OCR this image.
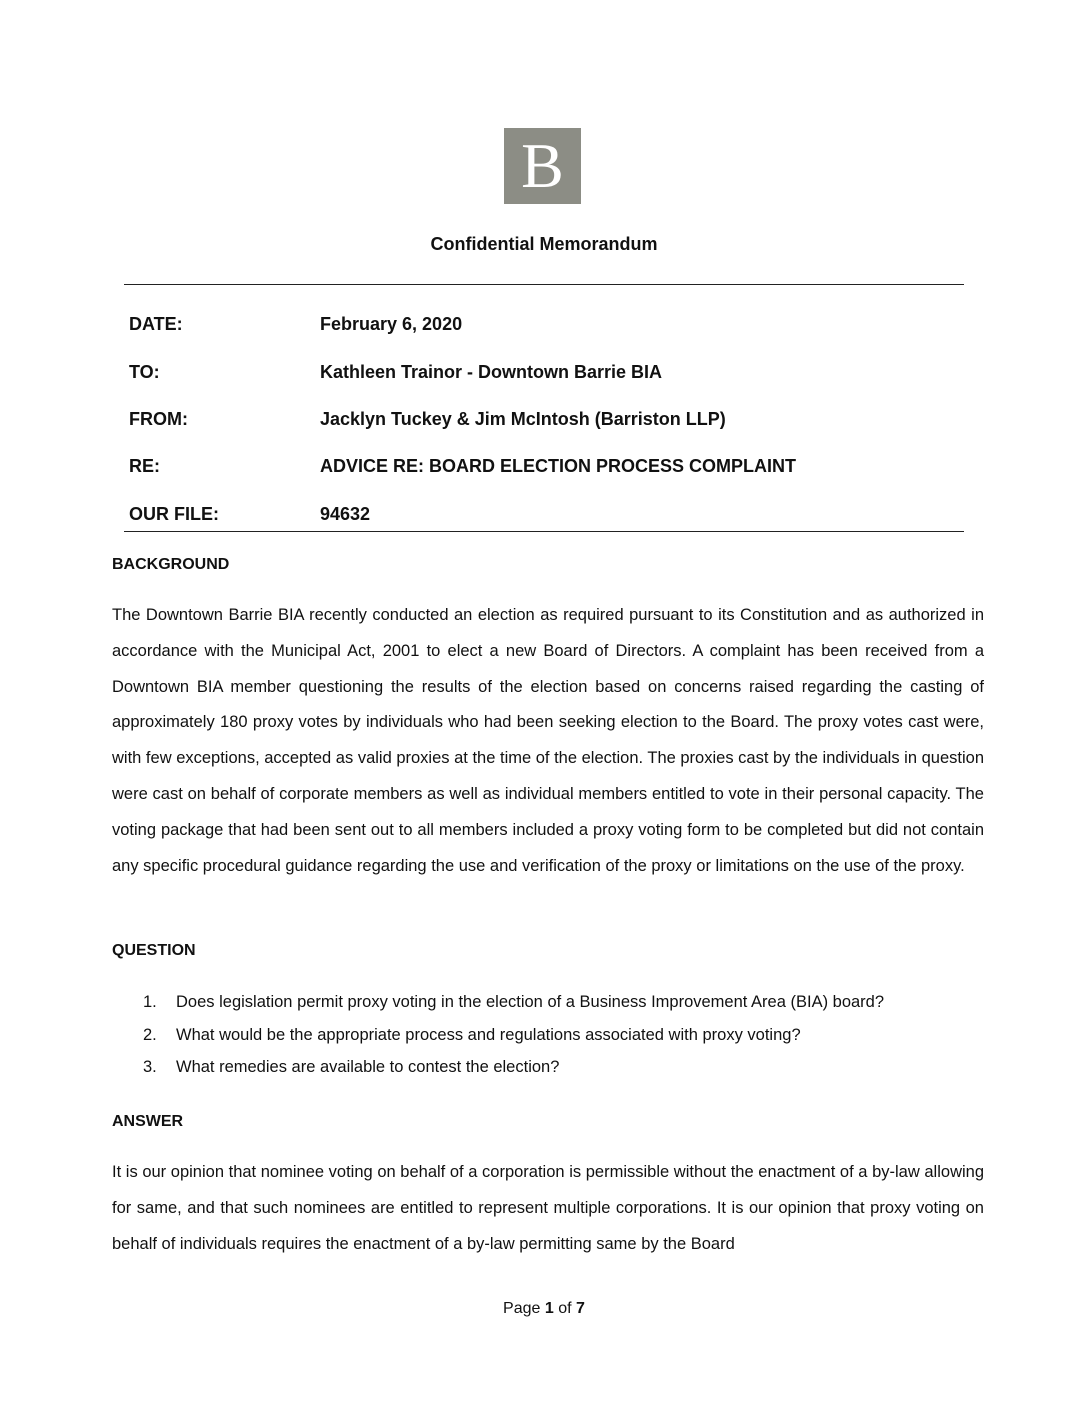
B
Confidential Memorandum
DATE:	February 6, 2020
TO:	Kathleen Trainor - Downtown Barrie BIA
FROM:	Jacklyn Tuckey & Jim McIntosh (Barriston LLP)
RE:	ADVICE RE: BOARD ELECTION PROCESS COMPLAINT
OUR FILE:	94632
BACKGROUND

The Downtown Barrie BIA recently conducted an election as required pursuant to its Constitution and as authorized in accordance with the Municipal Act, 2001 to elect a new Board of Directors. A complaint has been received from a Downtown BIA member questioning the results of the election based on concerns raised regarding the casting of approximately 180 proxy votes by individuals who had been seeking election to the Board. The proxy votes cast were, with few exceptions, accepted as valid proxies at the time of the election. The proxies cast by the individuals in question were cast on behalf of corporate members as well as individual members entitled to vote in their personal capacity. The voting package that had been sent out to all members included a proxy voting form to be completed but did not contain any specific procedural guidance regarding the use and verification of the proxy or limitations on the use of the proxy.

QUESTION
1. Does legislation permit proxy voting in the election of a Business Improvement Area (BIA) board?
2. What would be the appropriate process and regulations associated with proxy voting?
3. What remedies are available to contest the election?
ANSWER

It is our opinion that nominee voting on behalf of a corporation is permissible without the enactment of a by-law allowing for same, and that such nominees are entitled to represent multiple corporations. It is our opinion that proxy voting on behalf of individuals requires the enactment of a by-law permitting same by the Board

Page 1 of 7
